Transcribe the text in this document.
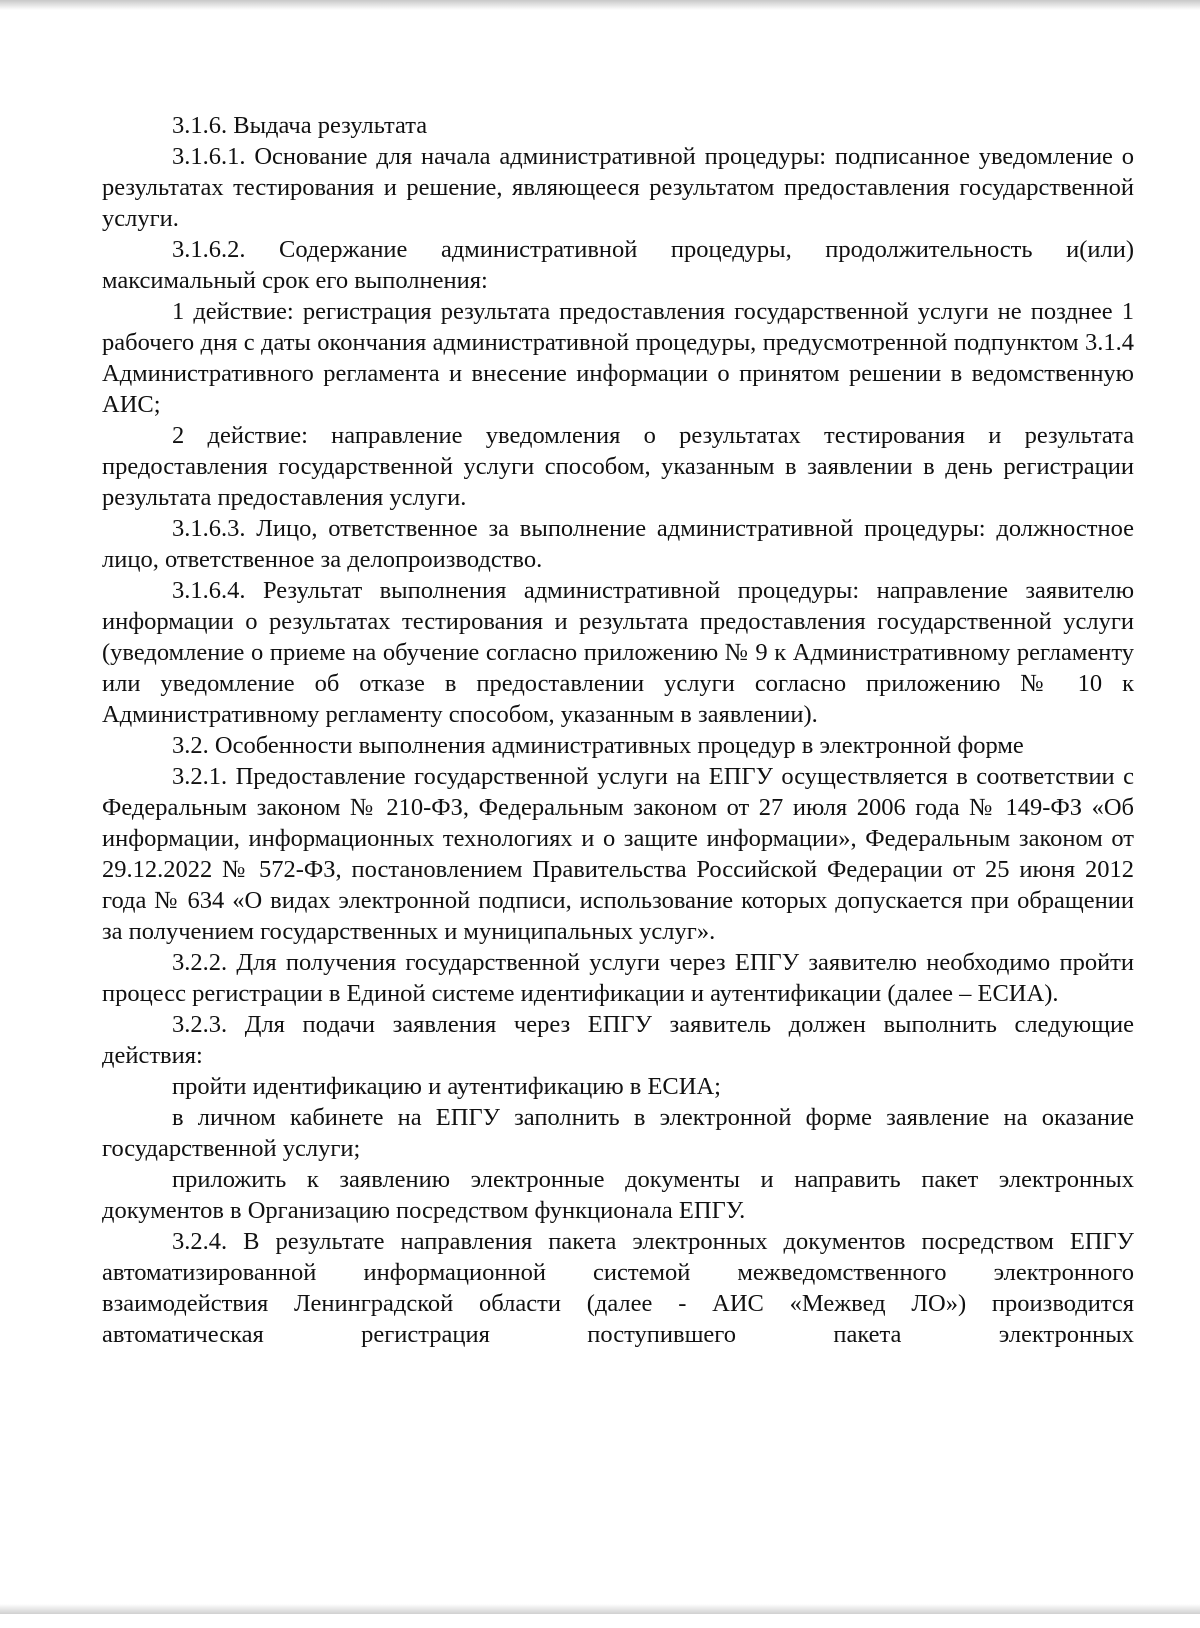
3.1.6. Выдача результата

3.1.6.1. Основание для начала административной процедуры: подписанное уведомление о результатах тестирования и решение, являющееся результатом предоставления государственной услуги.

3.1.6.2. Содержание административной процедуры, продолжительность и(или) максимальный срок его выполнения:

1 действие: регистрация результата предоставления государственной услуги не позднее 1 рабочего дня с даты окончания административной процедуры, предусмотренной подпунктом 3.1.4 Административного регламента и внесение информации о принятом решении в ведомственную АИС;

2 действие: направление уведомления о результатах тестирования и результата предоставления государственной услуги способом, указанным в заявлении в день регистрации результата предоставления услуги.

3.1.6.3. Лицо, ответственное за выполнение административной процедуры: должностное лицо, ответственное за делопроизводство.

3.1.6.4. Результат выполнения административной процедуры: направление заявителю информации о результатах тестирования и результата предоставления государственной услуги (уведомление о приеме на обучение согласно приложению № 9 к Административному регламенту или уведомление об отказе в предоставлении услуги согласно приложению № 10 к Административному регламенту способом, указанным в заявлении).

3.2. Особенности выполнения административных процедур в электронной форме

3.2.1. Предоставление государственной услуги на ЕПГУ осуществляется в соответствии с Федеральным законом № 210-ФЗ, Федеральным законом от 27 июля 2006 года № 149-ФЗ «Об информации, информационных технологиях и о защите информации», Федеральным законом от 29.12.2022 № 572-ФЗ, постановлением Правительства Российской Федерации от 25 июня 2012 года № 634 «О видах электронной подписи, использование которых допускается при обращении за получением государственных и муниципальных услуг».

3.2.2. Для получения государственной услуги через ЕПГУ заявителю необходимо пройти процесс регистрации в Единой системе идентификации и аутентификации (далее – ЕСИА).

3.2.3. Для подачи заявления через ЕПГУ заявитель должен выполнить следующие действия:

пройти идентификацию и аутентификацию в ЕСИА;

в личном кабинете на ЕПГУ заполнить в электронной форме заявление на оказание государственной услуги;

приложить к заявлению электронные документы и направить пакет электронных документов в Организацию посредством функционала ЕПГУ.

3.2.4. В результате направления пакета электронных документов посредством ЕПГУ автоматизированной информационной системой межведомственного электронного взаимодействия Ленинградской области (далее - АИС «Межвед ЛО») производится автоматическая регистрация поступившего пакета электронных
